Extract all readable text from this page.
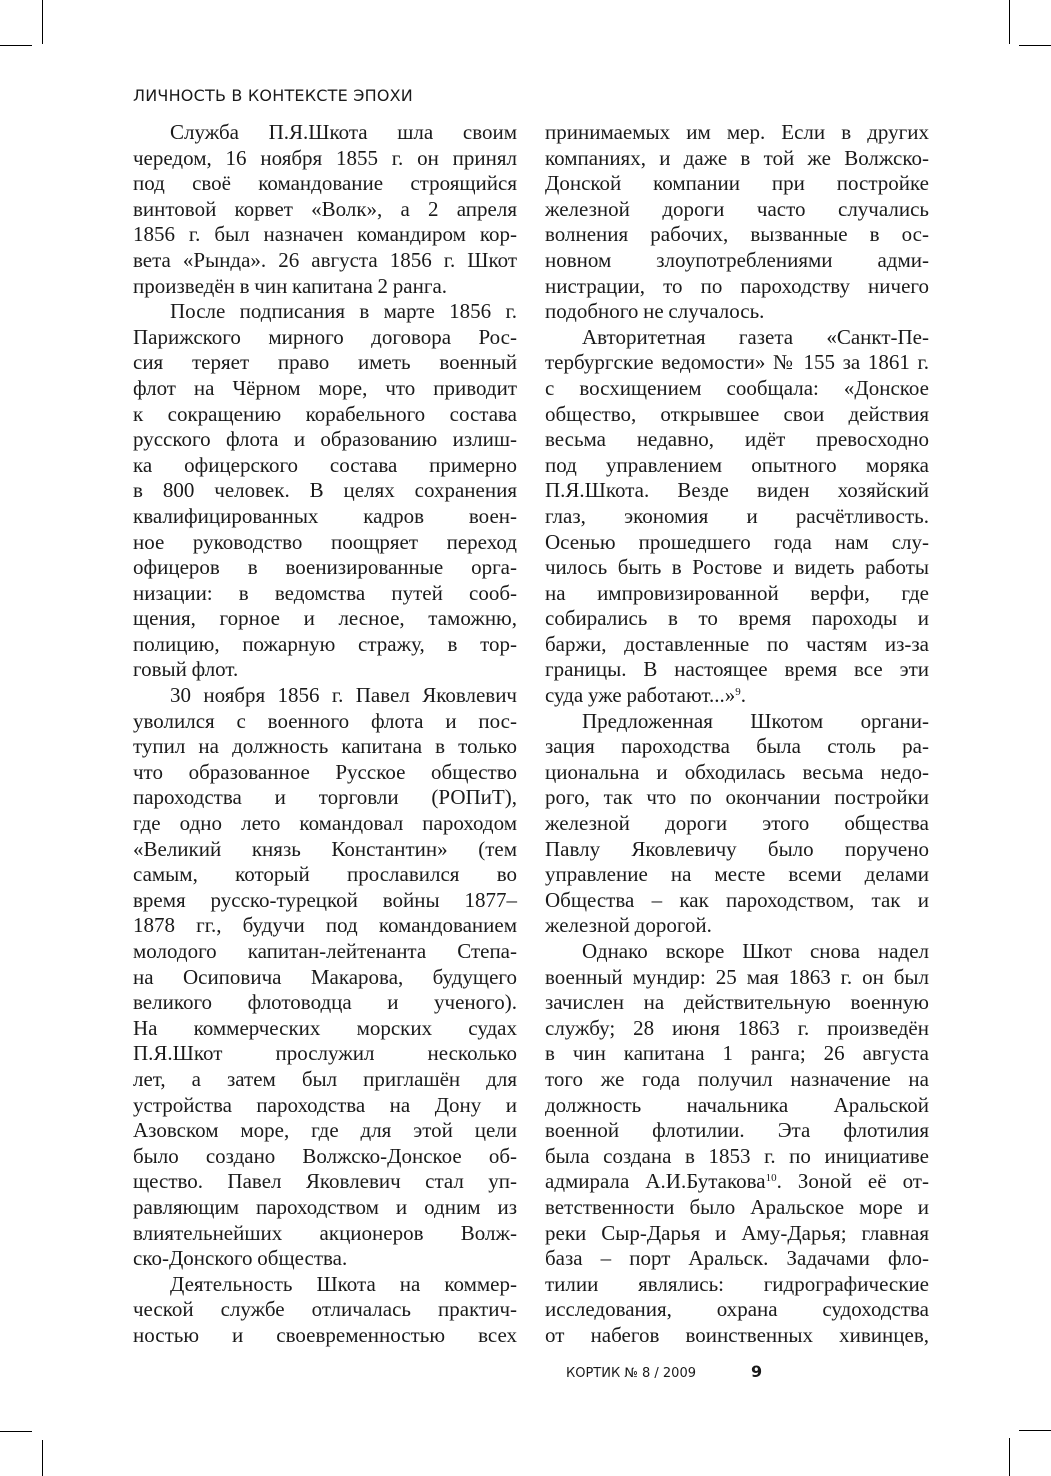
ЛИЧНОСТЬ В КОНТЕКСТЕ ЭПОХИ
Служба П.Я.Шкота шла своим
чередом, 16 ноября 1855 г. он принял
под своё командование строящийся
винтовой корвет «Волк», а 2 апреля
1856 г. был назначен командиром кор-
вета «Рында». 26 августа 1856 г. Шкот
произведён в чин капитана 2 ранга.
После подписания в марте 1856 г.
Парижского мирного договора Рос-
сия теряет право иметь военный
флот на Чёрном море, что приводит
к сокращению корабельного состава
русского флота и образованию излиш-
ка офицерского состава примерно
в 800 человек. В целях сохранения
квалифицированных кадров воен-
ное руководство поощряет переход
офицеров в военизированные орга-
низации: в ведомства путей сооб-
щения, горное и лесное, таможню,
полицию, пожарную стражу, в тор-
говый флот.
30 ноября 1856 г. Павел Яковлевич
уволился с военного флота и пос-
тупил на должность капитана в только
что образованное Русское общество
пароходства и торговли (РОПиТ),
где одно лето командовал пароходом
«Великий князь Константин» (тем
самым, который прославился во
время русско-турецкой войны 1877–
1878 гг., будучи под командованием
молодого капитан-лейтенанта Степа-
на Осиповича Макарова, будущего
великого флотоводца и ученого).
На коммерческих морских судах
П.Я.Шкот прослужил несколько
лет, а затем был приглашён для
устройства пароходства на Дону и
Азовском море, где для этой цели
было создано Волжско-Донское об-
щество. Павел Яковлевич стал уп-
равляющим пароходством и одним из
влиятельнейших акционеров Волж-
ско-Донского общества.
Деятельность Шкота на коммер-
ческой службе отличалась практич-
ностью и своевременностью всех
принимаемых им мер. Если в других
компаниях, и даже в той же Волжско-
Донской компании при постройке
железной дороги часто случались
волнения рабочих, вызванные в ос-
новном злоупотреблениями адми-
нистрации, то по пароходству ничего
подобного не случалось.
Авторитетная газета «Санкт-Пе-
тербургские ведомости» № 155 за 1861 г.
с восхищением сообщала: «Донское
общество, открывшее свои действия
весьма недавно, идёт превосходно
под управлением опытного моряка
П.Я.Шкота. Везде виден хозяйский
глаз, экономия и расчётливость.
Осенью прошедшего года нам слу-
чилось быть в Ростове и видеть работы
на импровизированной верфи, где
собирались в то время пароходы и
баржи, доставленные по частям из-за
границы. В настоящее время все эти
суда уже работают...»$^9$.
Предложенная Шкотом органи-
зация пароходства была столь ра-
циональна и обходилась весьма недо-
рого, так что по окончании постройки
железной дороги этого общества
Павлу Яковлевичу было поручено
управление на месте всеми делами
Общества – как пароходством, так и
железной дорогой.
Однако вскоре Шкот снова надел
военный мундир: 25 мая 1863 г. он был
зачислен на действительную военную
службу; 28 июня 1863 г. произведён
в чин капитана 1 ранга; 26 августа
того же года получил назначение на
должность начальника Аральской
военной флотилии. Эта флотилия
была создана в 1853 г. по инициативе
адмирала А.И.Бутакова$^{10}$. Зоной её от-
ветственности было Аральское море и
реки Сыр-Дарья и Аму-Дарья; главная
база – порт Аральск. Задачами фло-
тилии являлись: гидрографические
исследования, охрана судоходства
от набегов воинственных хивинцев,
КОРТИК № 8 / 2009	9
